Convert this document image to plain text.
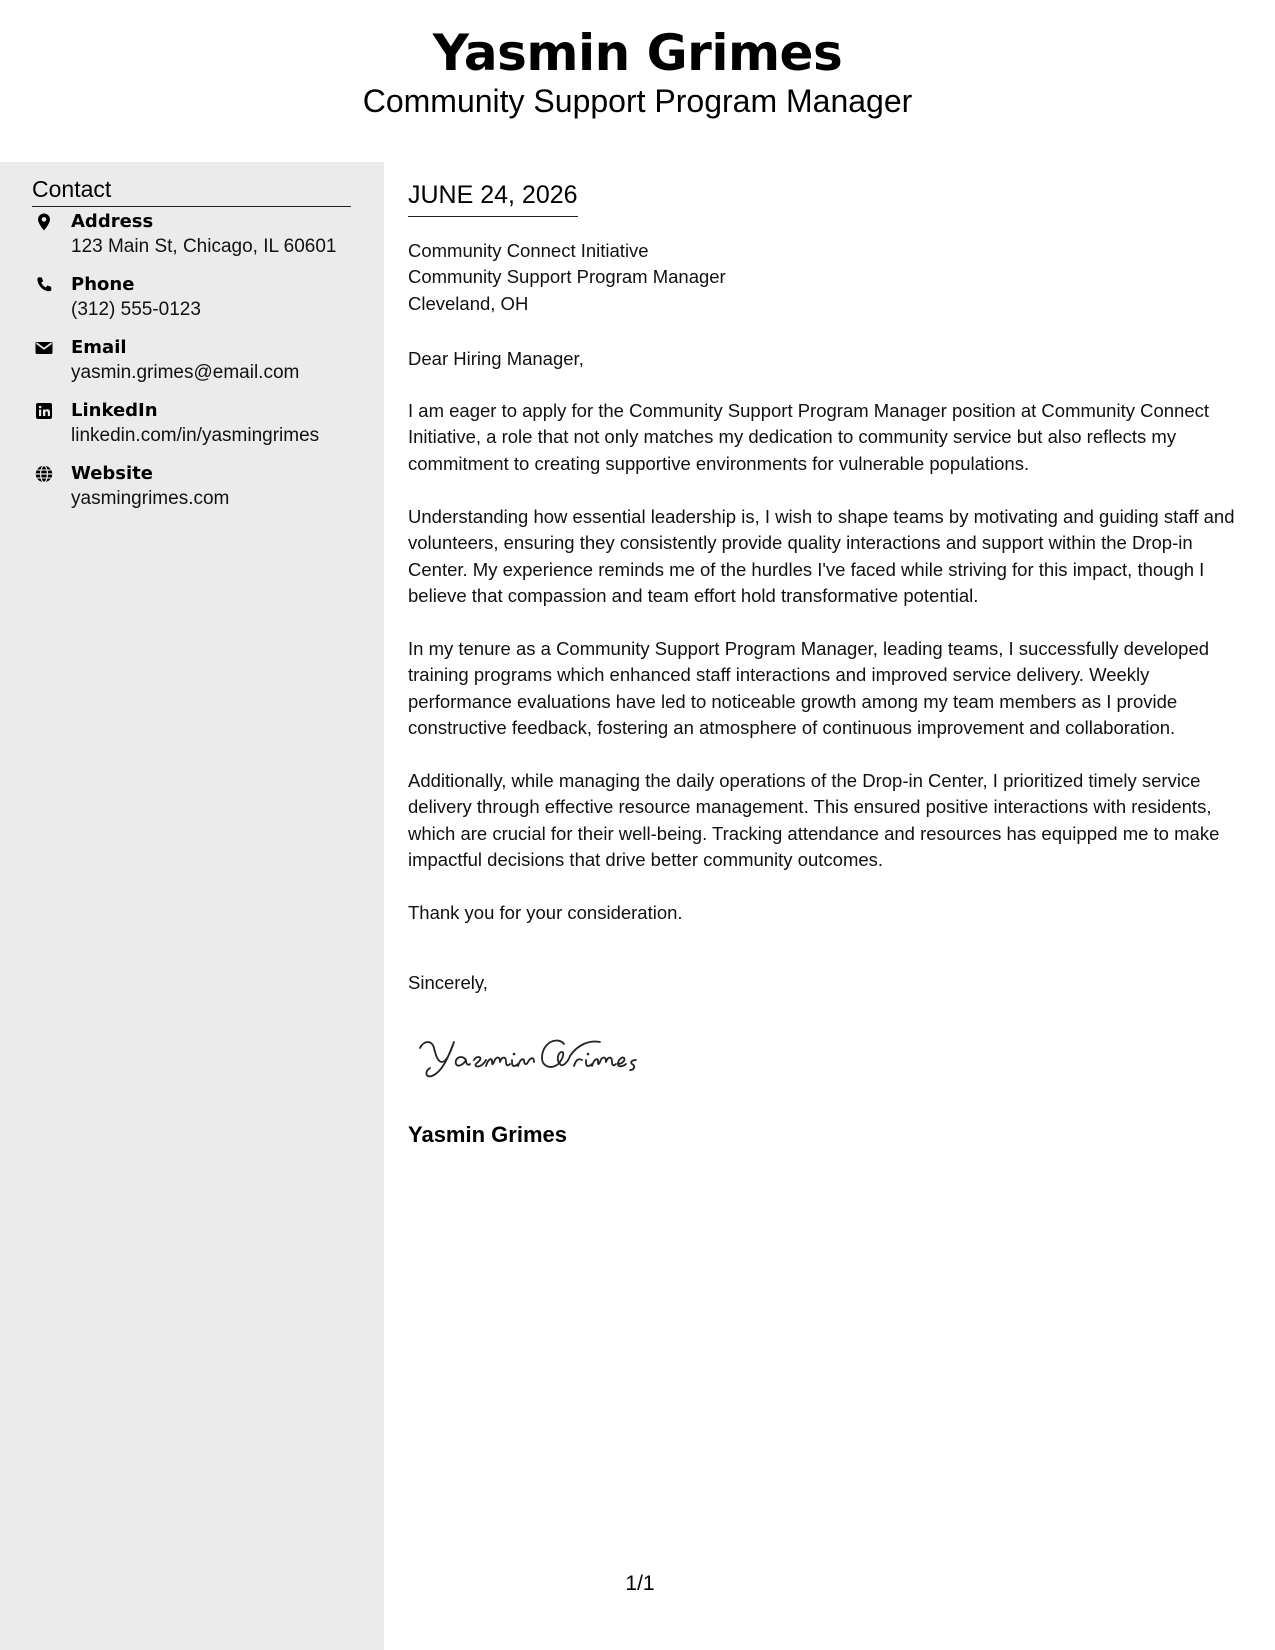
Yasmin Grimes
Community Support Program Manager
Contact
Address
123 Main St, Chicago, IL 60601
Phone
(312) 555-0123
Email
yasmin.grimes@email.com
LinkedIn
linkedin.com/in/yasmingrimes
Website
yasmingrimes.com
JUNE 24, 2026
Community Connect Initiative
Community Support Program Manager
Cleveland, OH
Dear Hiring Manager,

I am eager to apply for the Community Support Program Manager position at Community Connect Initiative, a role that not only matches my dedication to community service but also reflects my commitment to creating supportive environments for vulnerable populations.

Understanding how essential leadership is, I wish to shape teams by motivating and guiding staff and volunteers, ensuring they consistently provide quality interactions and support within the Drop-in Center. My experience reminds me of the hurdles I've faced while striving for this impact, though I believe that compassion and team effort hold transformative potential.

In my tenure as a Community Support Program Manager, leading teams, I successfully developed training programs which enhanced staff interactions and improved service delivery. Weekly performance evaluations have led to noticeable growth among my team members as I provide constructive feedback, fostering an atmosphere of continuous improvement and collaboration.

Additionally, while managing the daily operations of the Drop-in Center, I prioritized timely service delivery through effective resource management. This ensured positive interactions with residents, which are crucial for their well-being. Tracking attendance and resources has equipped me to make impactful decisions that drive better community outcomes.

Thank you for your consideration.
Sincerely,
Yasmin Grimes
1/1
